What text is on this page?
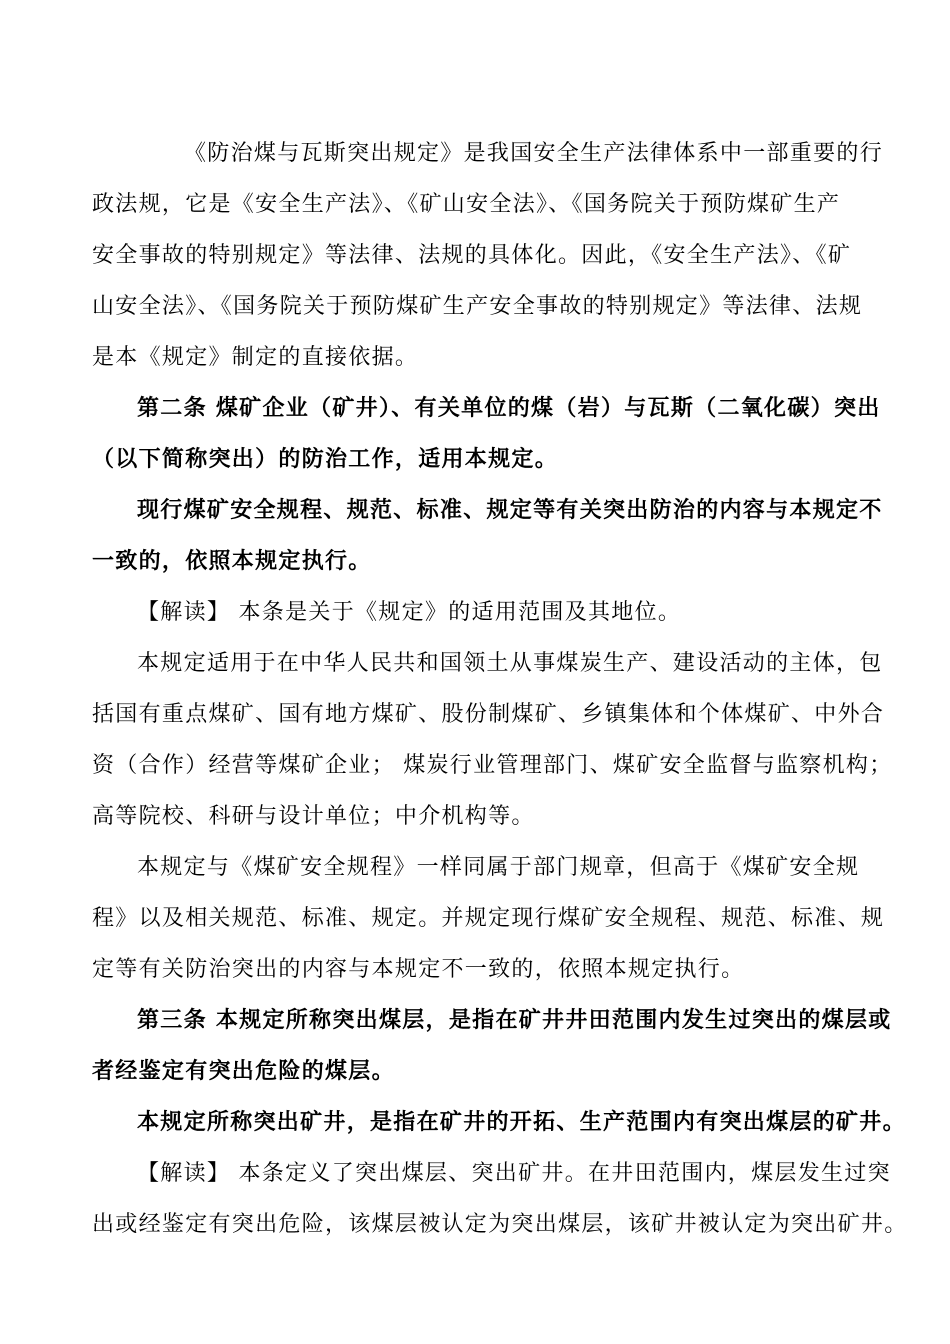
《防治煤与瓦斯突出规定》是我国安全生产法律体系中一部重要的行
政法规，它是《安全生产法》、《矿山安全法》、《国务院关于预防煤矿生产
安全事故的特别规定》等法律、法规的具体化。因此，《安全生产法》、《矿
山安全法》、《国务院关于预防煤矿生产安全事故的特别规定》等法律、法规
是本《规定》制定的直接依据。
第二条 煤矿企业（矿井）、有关单位的煤（岩）与瓦斯（二氧化碳）突出
（以下简称突出）的防治工作，适用本规定。
现行煤矿安全规程、规范、标准、规定等有关突出防治的内容与本规定不
一致的，依照本规定执行。
【解读】 本条是关于《规定》的适用范围及其地位。
本规定适用于在中华人民共和国领土从事煤炭生产、建设活动的主体，包
括国有重点煤矿、国有地方煤矿、股份制煤矿、乡镇集体和个体煤矿、中外合
资（合作）经营等煤矿企业； 煤炭行业管理部门、煤矿安全监督与监察机构；
高等院校、科研与设计单位；中介机构等。
本规定与《煤矿安全规程》一样同属于部门规章，但高于《煤矿安全规
程》以及相关规范、标准、规定。并规定现行煤矿安全规程、规范、标准、规
定等有关防治突出的内容与本规定不一致的，依照本规定执行。
第三条 本规定所称突出煤层，是指在矿井井田范围内发生过突出的煤层或
者经鉴定有突出危险的煤层。
本规定所称突出矿井，是指在矿井的开拓、生产范围内有突出煤层的矿井。
【解读】 本条定义了突出煤层、突出矿井。在井田范围内，煤层发生过突
出或经鉴定有突出危险，该煤层被认定为突出煤层，该矿井被认定为突出矿井。
